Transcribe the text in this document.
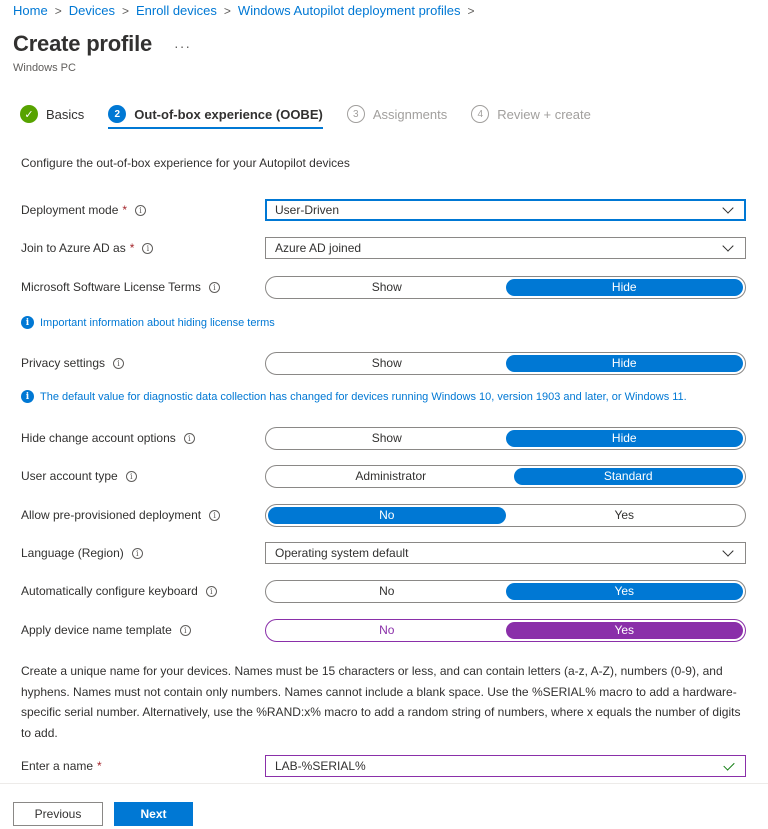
Home > Devices > Enroll devices > Windows Autopilot deployment profiles >
Create profile ···
Windows PC
✓ Basics	2	Out-of-box experience (OOBE)	3	Assignments	4	Review + create
Configure the out-of-box experience for your Autopilot devices
Deployment mode *	i	User-Driven
Join to Azure AD as *	i	Azure AD joined
Microsoft Software License Terms	i	Show	Hide
i Important information about hiding license terms
Privacy settings	i	Show	Hide
i The default value for diagnostic data collection has changed for devices running Windows 10, version 1903 and later, or Windows 11.
Hide change account options	i	Show	Hide
User account type	i	Administrator	Standard
Allow pre-provisioned deployment	i	No	Yes
Language (Region)	i	Operating system default
Automatically configure keyboard	i	No	Yes
Apply device name template	i	No	Yes
Create a unique name for your devices. Names must be 15 characters or less, and can contain letters (a-z, A-Z), numbers (0-9), and hyphens. Names must not contain only numbers. Names cannot include a blank space. Use the %SERIAL% macro to add a hardware-specific serial number. Alternatively, use the %RAND:x% macro to add a random string of numbers, where x equals the number of digits to add.
Enter a name *	LAB-%SERIAL%
Previous	Next
